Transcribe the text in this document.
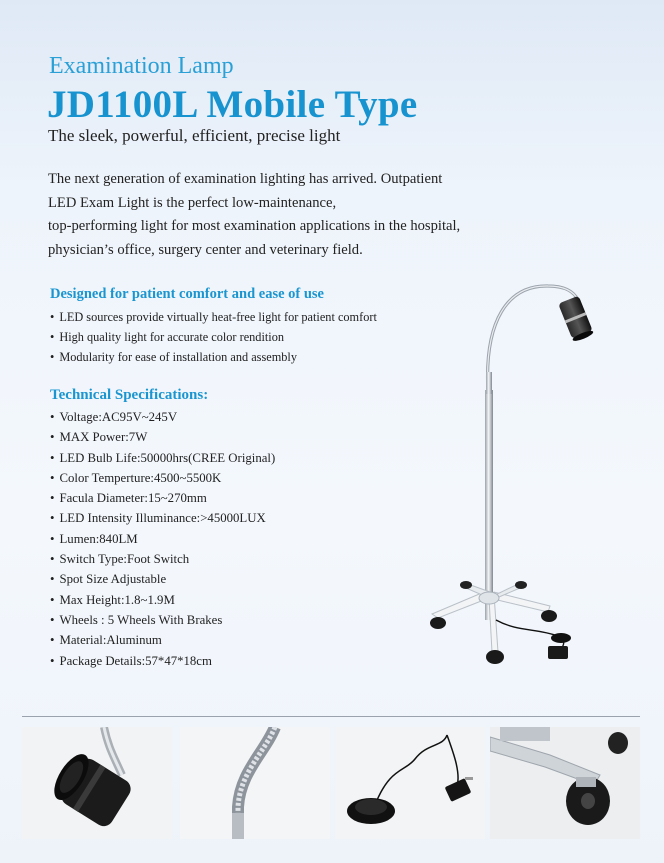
Examination Lamp
JD1100L Mobile Type
The sleek, powerful, efficient, precise light
The next generation of examination lighting has arrived. Outpatient
LED Exam Light is the perfect low-maintenance,
top-performing light for most examination applications in the hospital,
physician’s office, surgery center and veterinary field.
Designed for patient comfort and ease of use
• LED sources provide virtually heat-free light for patient comfort
• High quality light for accurate color rendition
• Modularity for ease of installation and assembly
Technical Specifications:
• Voltage:AC95V~245V
• MAX Power:7W
• LED Bulb Life:50000hrs(CREE Original)
• Color Temperture:4500~5500K
• Facula Diameter:15~270mm
• LED Intensity Illuminance:>45000LUX
• Lumen:840LM
• Switch Type:Foot Switch
• Spot Size Adjustable
• Max Height:1.8~1.9M
• Wheels : 5 Wheels With Brakes
• Material:Aluminum
• Package Details:57*47*18cm
